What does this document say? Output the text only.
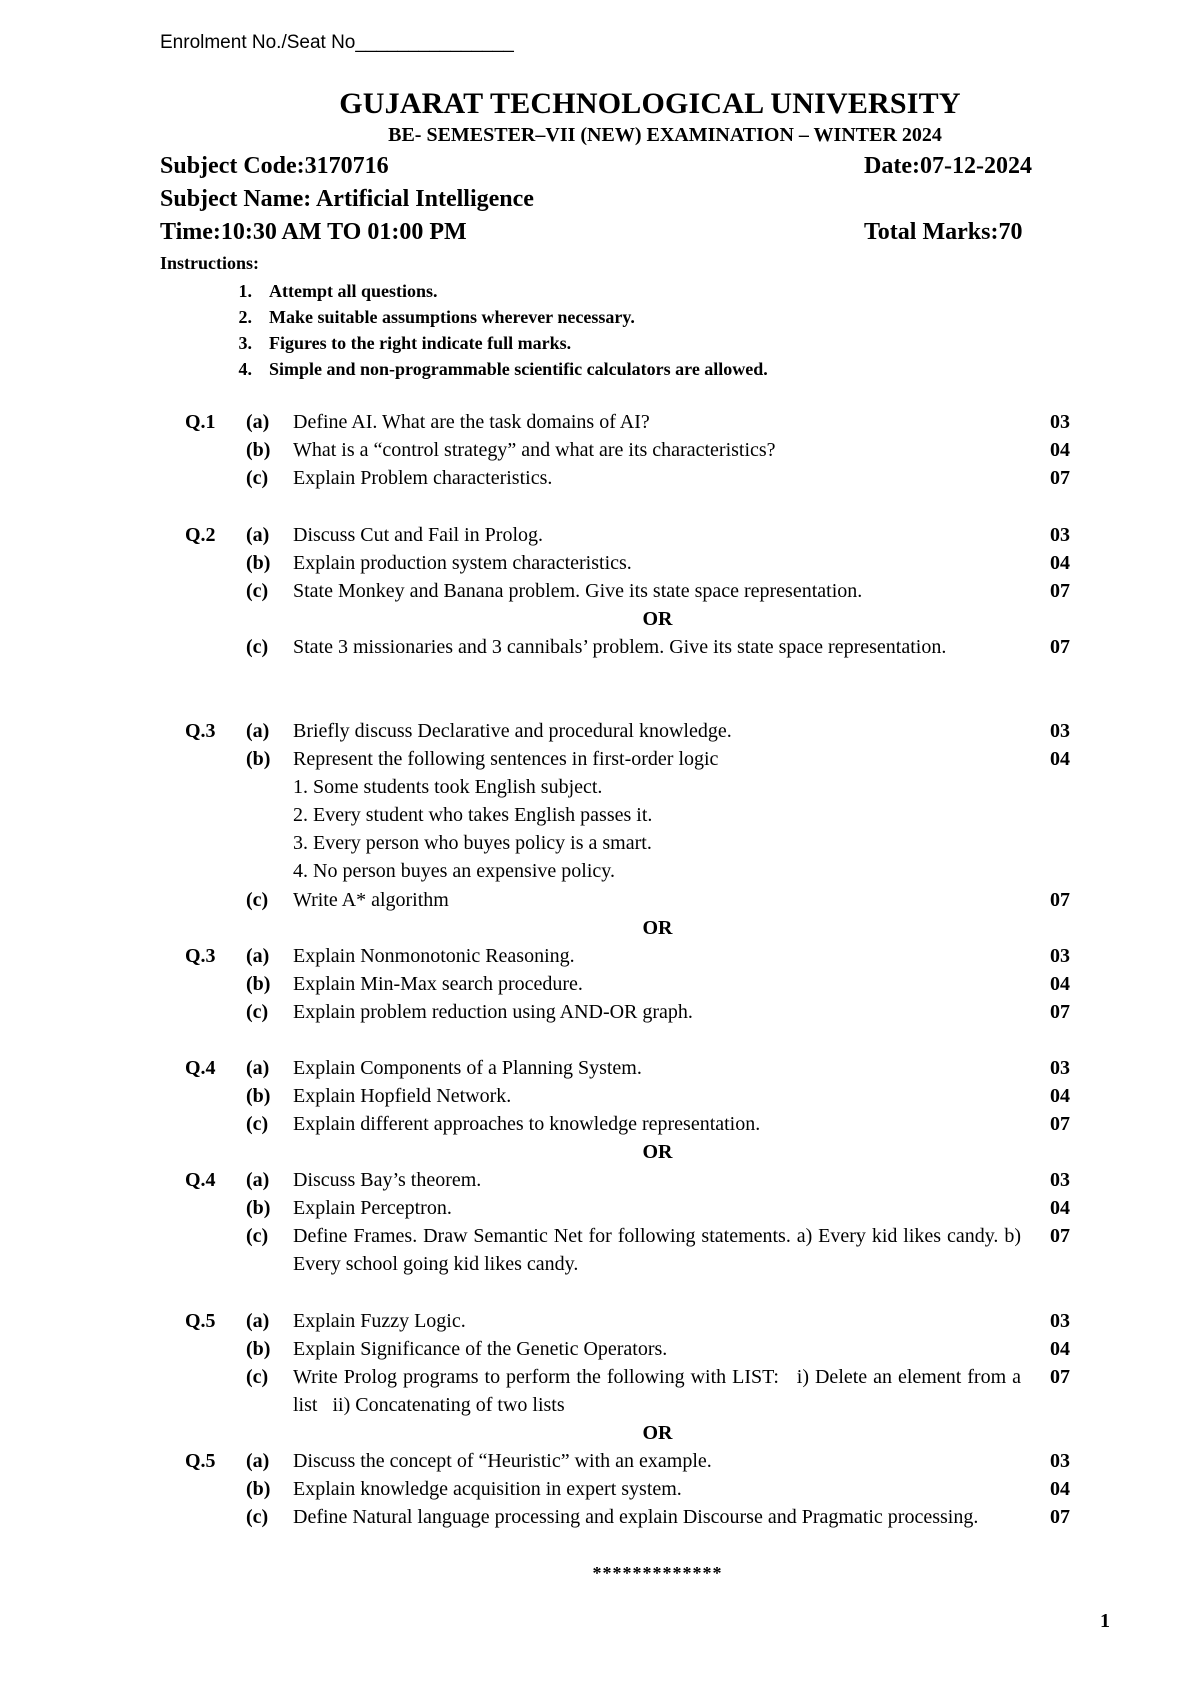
Enrolment No./Seat No_______________
GUJARAT TECHNOLOGICAL UNIVERSITY
BE- SEMESTER–VII (NEW) EXAMINATION – WINTER 2024
Subject Code:3170716	Date:07-12-2024
Subject Name: Artificial Intelligence
Time:10:30 AM TO 01:00 PM	Total Marks:70
Instructions:
1. Attempt all questions.
2. Make suitable assumptions wherever necessary.
3. Figures to the right indicate full marks.
4. Simple and non-programmable scientific calculators are allowed.
Q.1	(a)	Define AI. What are the task domains of AI?	03
(b) What is a “control strategy” and what are its characteristics?	04
(c)	Explain Problem characteristics.	07
Q.2	(a)	Discuss Cut and Fail in Prolog.	03
(b) Explain production system characteristics.	04
(c)	State Monkey and Banana problem. Give its state space representation.	07
OR
(c)	State 3 missionaries and 3 cannibals’ problem. Give its state space representation.	07
Q.3	(a)	Briefly discuss Declarative and procedural knowledge.	03
(b) Represent the following sentences in first-order logic	04
1. Some students took English subject.
2. Every student who takes English passes it.
3. Every person who buyes policy is a smart.
4. No person buyes an expensive policy.
(c)	Write A* algorithm	07
OR
Q.3	(a)	Explain Nonmonotonic Reasoning.	03
(b) Explain Min-Max search procedure.	04
(c)	Explain problem reduction using AND-OR graph.	07
Q.4	(a)	Explain Components of a Planning System.	03
(b) Explain Hopfield Network.	04
(c)	Explain different approaches to knowledge representation.	07
OR
Q.4	(a)	Discuss Bay’s theorem.	03
(b) Explain Perceptron.	04
(c)	Define Frames. Draw Semantic Net for following statements. a) Every kid likes candy. b) Every school going kid likes candy.
07
Q.5	(a)	Explain Fuzzy Logic.	03
(b) Explain Significance of the Genetic Operators.	04
(c)	Write Prolog programs to perform the following with LIST:   i) Delete an element from a list   ii) Concatenating of two lists
07
OR
Q.5	(a)	Discuss the concept of “Heuristic” with an example.	03
(b) Explain knowledge acquisition in expert system.	04
(c)	Define Natural language processing and explain Discourse and Pragmatic processing.	07
*************
1
